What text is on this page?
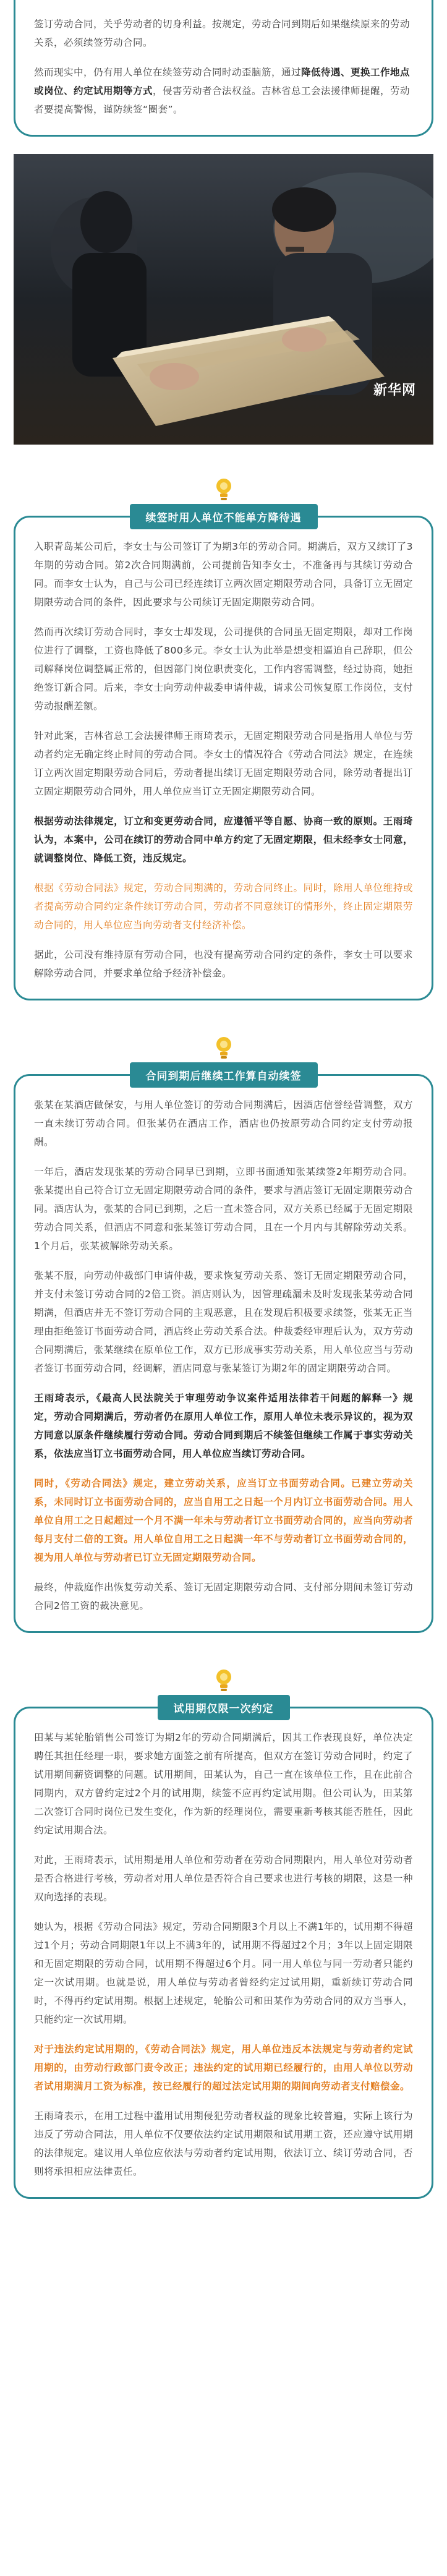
签订劳动合同，关乎劳动者的切身利益。按规定，劳动合同到期后如果继续原来的劳动关系，必须续签劳动合同。

然而现实中，仍有用人单位在续签劳动合同时动歪脑筋，通过降低待遇、更换工作地点或岗位、约定试用期等方式，侵害劳动者合法权益。吉林省总工会法援律师提醒，劳动者要提高警惕，谨防续签“圈套”。

新华网
续签时用人单位不能单方降待遇

入职青岛某公司后，李女士与公司签订了为期3年的劳动合同。期满后，双方又续订了3年期的劳动合同。第2次合同期满前，公司提前告知李女士，不准备再与其续订劳动合同。而李女士认为，自己与公司已经连续订立两次固定期限劳动合同，具备订立无固定期限劳动合同的条件，因此要求与公司续订无固定期限劳动合同。

然而再次续订劳动合同时，李女士却发现，公司提供的合同虽无固定期限，却对工作岗位进行了调整，工资也降低了800多元。李女士认为此举是想变相逼迫自己辞职，但公司解释岗位调整属正常的，但因部门岗位职责变化，工作内容需调整，经过协商，她拒绝签订新合同。后来，李女士向劳动仲裁委申请仲裁，请求公司恢复原工作岗位，支付劳动报酬差额。

针对此案，吉林省总工会法援律师王雨琦表示，无固定期限劳动合同是指用人单位与劳动者约定无确定终止时间的劳动合同。李女士的情况符合《劳动合同法》规定，在连续订立两次固定期限劳动合同后，劳动者提出续订无固定期限劳动合同，除劳动者提出订立固定期限劳动合同外，用人单位应当订立无固定期限劳动合同。

根据劳动法律规定，订立和变更劳动合同，应遵循平等自愿、协商一致的原则。王雨琦认为，本案中，公司在续订的劳动合同中单方约定了无固定期限，但未经李女士同意，就调整岗位、降低工资，违反规定。

根据《劳动合同法》规定，劳动合同期满的，劳动合同终止。同时，除用人单位维持或者提高劳动合同约定条件续订劳动合同，劳动者不同意续订的情形外，终止固定期限劳动合同的，用人单位应当向劳动者支付经济补偿。

据此，公司没有维持原有劳动合同，也没有提高劳动合同约定的条件，李女士可以要求解除劳动合同，并要求单位给予经济补偿金。

合同到期后继续工作算自动续签

张某在某酒店做保安，与用人单位签订的劳动合同期满后，因酒店信誉经营调整，双方一直未续订劳动合同。但张某仍在酒店工作，酒店也仍按原劳动合同约定支付劳动报酬。

一年后，酒店发现张某的劳动合同早已到期，立即书面通知张某续签2年期劳动合同。张某提出自己符合订立无固定期限劳动合同的条件，要求与酒店签订无固定期限劳动合同。酒店认为，张某的合同已到期，之后一直未签合同，双方关系已经属于无固定期限劳动合同关系，但酒店不同意和张某签订劳动合同，且在一个月内与其解除劳动关系。1个月后，张某被解除劳动关系。

张某不服，向劳动仲裁部门申请仲裁，要求恢复劳动关系、签订无固定期限劳动合同，并支付未签订劳动合同的2倍工资。酒店则认为，因管理疏漏未及时发现张某劳动合同期满，但酒店并无不签订劳动合同的主观恶意，且在发现后积极要求续签，张某无正当理由拒绝签订书面劳动合同，酒店终止劳动关系合法。仲裁委经审理后认为，双方劳动合同期满后，张某继续在原单位工作，双方已形成事实劳动关系，用人单位应当与劳动者签订书面劳动合同，经调解，酒店同意与张某签订为期2年的固定期限劳动合同。

王雨琦表示，《最高人民法院关于审理劳动争议案件适用法律若干问题的解释一》规定，劳动合同期满后，劳动者仍在原用人单位工作，原用人单位未表示异议的，视为双方同意以原条件继续履行劳动合同。劳动合同到期后不续签但继续工作属于事实劳动关系，依法应当订立书面劳动合同，用人单位应当续订劳动合同。

同时，《劳动合同法》规定，建立劳动关系，应当订立书面劳动合同。已建立劳动关系，未同时订立书面劳动合同的，应当自用工之日起一个月内订立书面劳动合同。用人单位自用工之日起超过一个月不满一年未与劳动者订立书面劳动合同的，应当向劳动者每月支付二倍的工资。用人单位自用工之日起满一年不与劳动者订立书面劳动合同的，视为用人单位与劳动者已订立无固定期限劳动合同。

最终，仲裁庭作出恢复劳动关系、签订无固定期限劳动合同、支付部分期间未签订劳动合同2倍工资的裁决意见。

试用期仅限一次约定

田某与某轮胎销售公司签订为期2年的劳动合同期满后，因其工作表现良好，单位决定聘任其担任经理一职，要求她方面签之前有所提高，但双方在签订劳动合同时，约定了试用期间薪资调整的问题。试用期间，田某认为，自己一直在该单位工作，且在此前合同期内，双方曾约定过2个月的试用期，续签不应再约定试用期。但公司认为，田某第二次签订合同时岗位已发生变化，作为新的经理岗位，需要重新考核其能否胜任，因此约定试用期合法。

对此，王雨琦表示，试用期是用人单位和劳动者在劳动合同期限内，用人单位对劳动者是否合格进行考核，劳动者对用人单位是否符合自己要求也进行考核的期限，这是一种双向选择的表现。

她认为，根据《劳动合同法》规定，劳动合同期限3个月以上不满1年的，试用期不得超过1个月；劳动合同期限1年以上不满3年的，试用期不得超过2个月；3年以上固定期限和无固定期限的劳动合同，试用期不得超过6个月。同一用人单位与同一劳动者只能约定一次试用期。也就是说，用人单位与劳动者曾经约定过试用期，重新续订劳动合同时，不得再约定试用期。根据上述规定，轮胎公司和田某作为劳动合同的双方当事人，只能约定一次试用期。

对于违法约定试用期的，《劳动合同法》规定，用人单位违反本法规定与劳动者约定试用期的，由劳动行政部门责令改正；违法约定的试用期已经履行的，由用人单位以劳动者试用期满月工资为标准，按已经履行的超过法定试用期的期间向劳动者支付赔偿金。

王雨琦表示，在用工过程中滥用试用期侵犯劳动者权益的现象比较普遍，实际上该行为违反了劳动合同法，用人单位不仅要依法约定试用期限和试用期工资，还应遵守试用期的法律规定。建议用人单位应依法与劳动者约定试用期，依法订立、续订劳动合同，否则将承担相应法律责任。
